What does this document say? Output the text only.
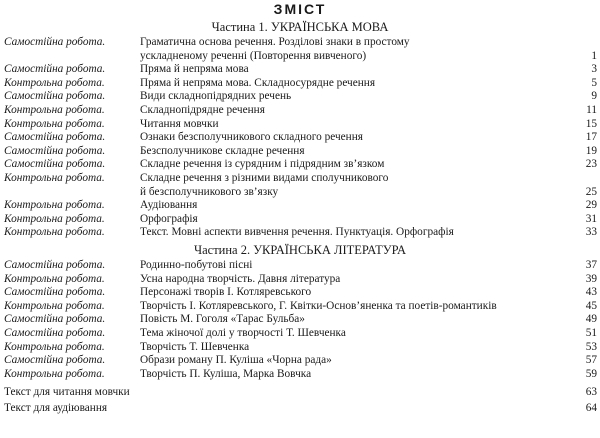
ЗМІСТ
Частина 1. УКРАЇНСЬКА МОВА
Самостійна робота.	Граматична основа речення. Розділові знаки в простому
ускладненому реченні (Повторення вивченого)	1
Самостійна робота.	Пряма й непряма мова	3
Контрольна робота.	Пряма й непряма мова. Складносурядне речення	5
Самостійна робота.	Види складнопідрядних речень	9
Контрольна робота.	Складнопідрядне речення	11
Контрольна робота.	Читання мовчки	15
Самостійна робота.	Ознаки безсполучникового складного речення	17
Самостійна робота.	Безсполучникове складне речення	19
Самостійна робота.	Складне речення із сурядним і підрядним зв’язком	23
Контрольна робота.	Складне речення з різними видами сполучникового
й безсполучникового зв’язку	25
Контрольна робота.	Аудіювання	29
Контрольна робота.	Орфографія	31
Контрольна робота.	Текст. Мовні аспекти вивчення речення. Пунктуація. Орфографія	33
Частина 2. УКРАЇНСЬКА ЛІТЕРАТУРА
Самостійна робота.	Родинно-побутові пісні	37
Контрольна робота.	Усна народна творчість. Давня література	39
Самостійна робота.	Персонажі творів І. Котляревського	43
Контрольна робота.	Творчість І. Котляревського, Г. Квітки-Основ’яненка та поетів-романтиків	45
Самостійна робота.	Повість М. Гоголя «Тарас Бульба»	49
Самостійна робота.	Тема жіночої долі у творчості Т. Шевченка	51
Контрольна робота.	Творчість Т. Шевченка	53
Самостійна робота.	Образи роману П. Куліша «Чорна рада»	57
Контрольна робота.	Творчість П. Куліша, Марка Вовчка	59
Текст для читання мовчки	63
Текст для аудіювання	64
